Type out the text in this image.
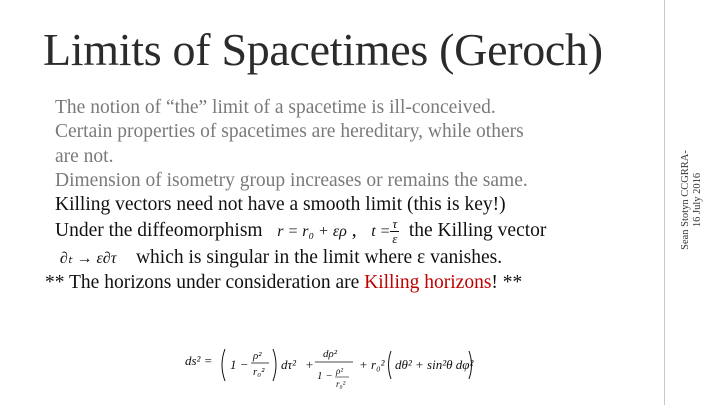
Limits of Spacetimes (Geroch)
Sean Stotyn CCGRRA- 16 July 2016
The notion of “the” limit of a spacetime is ill-conceived.
Certain properties of spacetimes are hereditary, while others
are not.
Dimension of isometry group increases or remains the same.
Killing vectors need not have a smooth limit (this is key!)
Under the diffeomorphism r = r₀ + ερ , $t = \frac{\tau}{\varepsilon}$ the Killing vector
∂ₜ → ε∂τ which is singular in the limit where ε vanishes.
** The horizons under consideration are Killing horizons! **
ds² = 1 −
ρ²
r₀² dτ² +
dρ²
1 − ρ²
r₀²
+ r₀² dθ² + sin²θ dφ²
